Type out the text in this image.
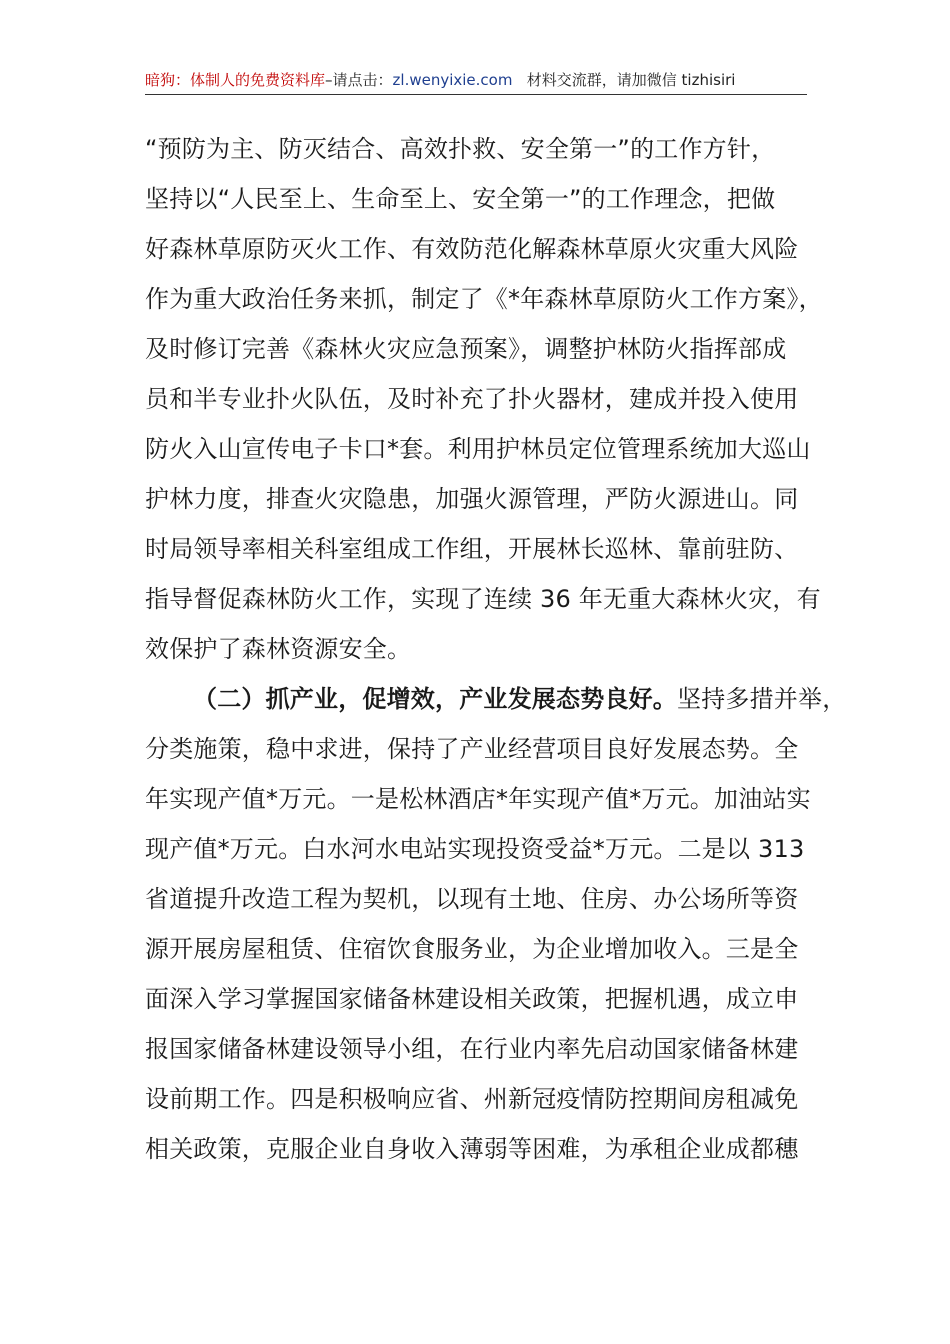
暗狗：体制人的免费资料库–请点击：zl.wenyixie.com 材料交流群，请加微信 tizhisiri
“预防为主、防灭结合、高效扑救、安全第一”的工作方针，
坚持以“人民至上、生命至上、安全第一”的工作理念，把做
好森林草原防灭火工作、有效防范化解森林草原火灾重大风险
作为重大政治任务来抓，制定了《*年森林草原防火工作方案》，
及时修订完善《森林火灾应急预案》，调整护林防火指挥部成
员和半专业扑火队伍，及时补充了扑火器材，建成并投入使用
防火入山宣传电子卡口*套。利用护林员定位管理系统加大巡山
护林力度，排查火灾隐患，加强火源管理，严防火源进山。同
时局领导率相关科室组成工作组，开展林长巡林、靠前驻防、
指导督促森林防火工作，实现了连续 36 年无重大森林火灾，有
效保护了森林资源安全。
（二）抓产业，促增效，产业发展态势良好。坚持多措并举，
分类施策，稳中求进，保持了产业经营项目良好发展态势。全
年实现产值*万元。一是松林酒店*年实现产值*万元。加油站实
现产值*万元。白水河水电站实现投资受益*万元。二是以 313
省道提升改造工程为契机，以现有土地、住房、办公场所等资
源开展房屋租赁、住宿饮食服务业，为企业增加收入。三是全
面深入学习掌握国家储备林建设相关政策，把握机遇，成立申
报国家储备林建设领导小组，在行业内率先启动国家储备林建
设前期工作。四是积极响应省、州新冠疫情防控期间房租减免
相关政策，克服企业自身收入薄弱等困难，为承租企业成都穗
